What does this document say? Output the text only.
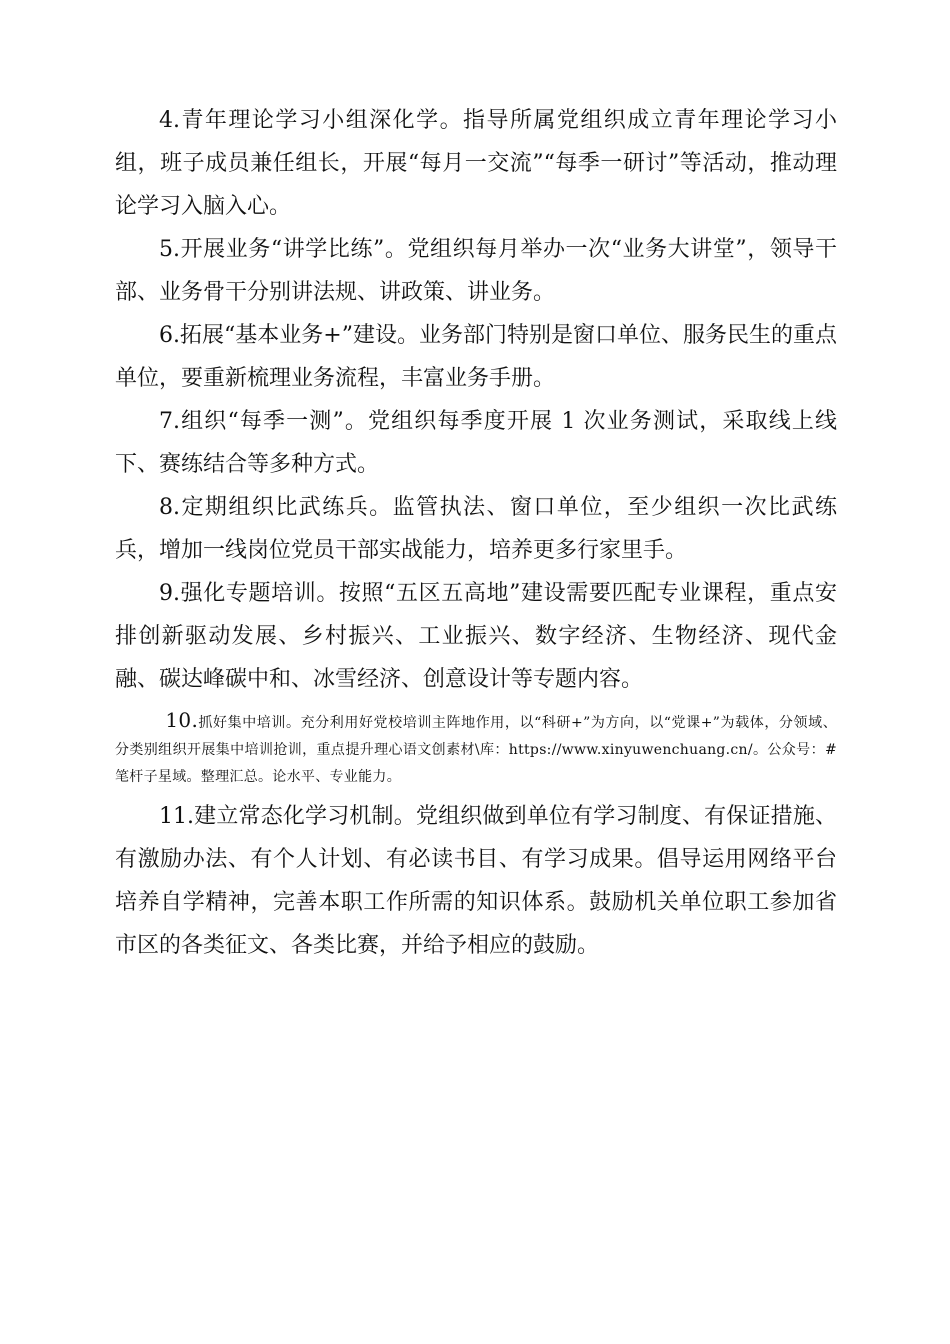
4.青年理论学习小组深化学。指导所属党组织成立青年理论学习小组，班子成员兼任组长，开展“每月一交流”“每季一研讨”等活动，推动理论学习入脑入心。

5.开展业务“讲学比练”。党组织每月举办一次“业务大讲堂”，领导干部、业务骨干分别讲法规、讲政策、讲业务。

6.拓展“基本业务+”建设。业务部门特别是窗口单位、服务民生的重点单位，要重新梳理业务流程，丰富业务手册。

7.组织“每季一测”。党组织每季度开展 1 次业务测试，采取线上线下、赛练结合等多种方式。

8.定期组织比武练兵。监管执法、窗口单位，至少组织一次比武练兵，增加一线岗位党员干部实战能力，培养更多行家里手。

9.强化专题培训。按照“五区五高地”建设需要匹配专业课程，重点安排创新驱动发展、乡村振兴、工业振兴、数字经济、生物经济、现代金融、碳达峰碳中和、冰雪经济、创意设计等专题内容。

10.抓好集中培训。充分利用好党校培训主阵地作用，以“科研+”为方向，以“党课+”为载体，分领域、分类别组织开展集中培训抢训，重点提升理心语文创素材\库：https://www.xinyuwenchuang.cn/。公众号：#笔杆子星域。整理汇总。论水平、专业能力。

11.建立常态化学习机制。党组织做到单位有学习制度、有保证措施、有激励办法、有个人计划、有必读书目、有学习成果。倡导运用网络平台培养自学精神，完善本职工作所需的知识体系。鼓励机关单位职工参加省市区的各类征文、各类比赛，并给予相应的鼓励。
